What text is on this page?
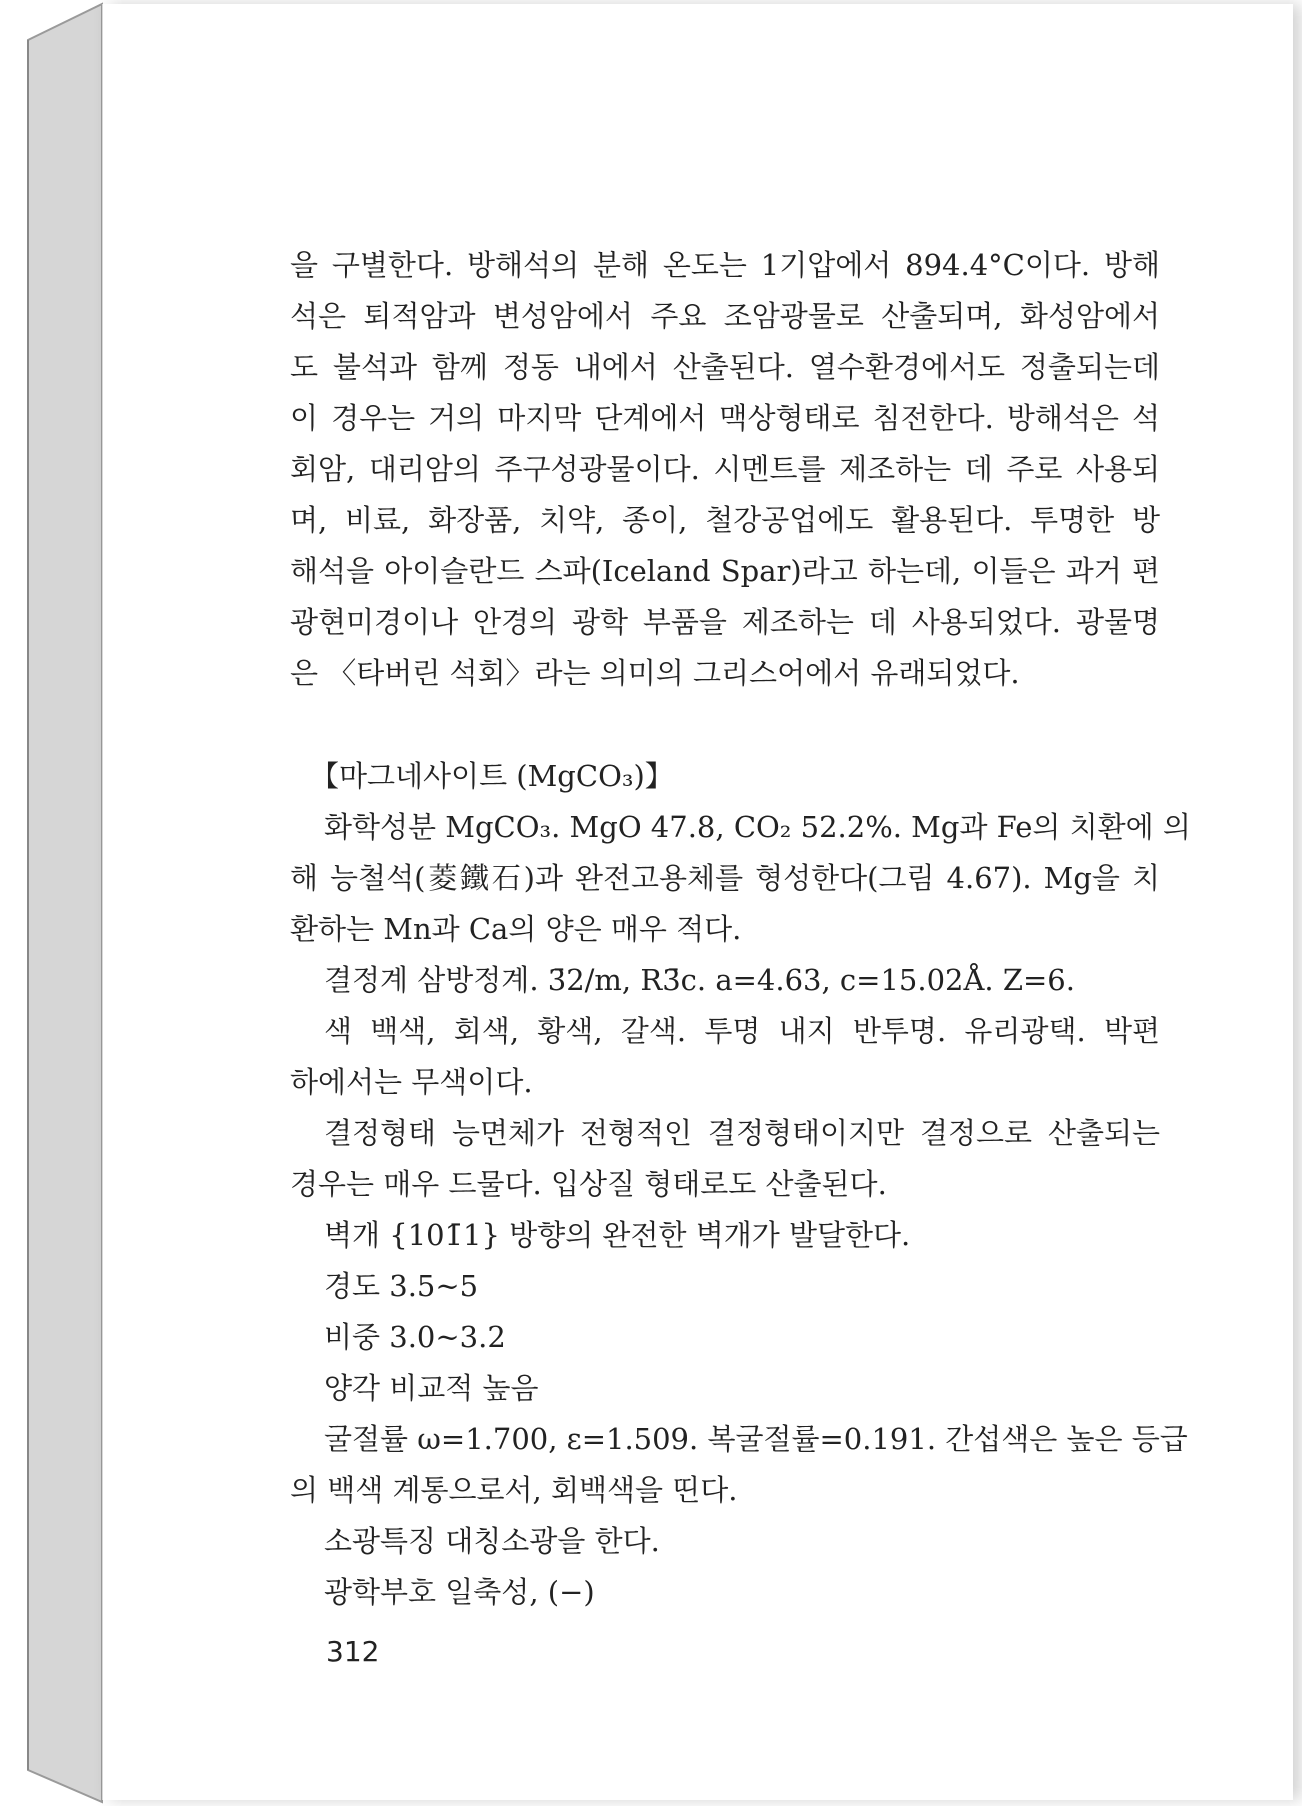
을 구별한다. 방해석의 분해 온도는 1기압에서 894.4°C이다. 방해
석은 퇴적암과 변성암에서 주요 조암광물로 산출되며, 화성암에서
도 불석과 함께 정동 내에서 산출된다. 열수환경에서도 정출되는데
이 경우는 거의 마지막 단계에서 맥상형태로 침전한다. 방해석은 석
회암, 대리암의 주구성광물이다. 시멘트를 제조하는 데 주로 사용되
며, 비료, 화장품, 치약, 종이, 철강공업에도 활용된다. 투명한 방
해석을 아이슬란드 스파(Iceland Spar)라고 하는데, 이들은 과거 편
광현미경이나 안경의 광학 부품을 제조하는 데 사용되었다. 광물명
은 〈타버린 석회〉라는 의미의 그리스어에서 유래되었다.
【마그네사이트 (MgCO₃)】
화학성분 MgCO₃. MgO 47.8, CO₂ 52.2%. Mg과 Fe의 치환에 의
해 능철석(菱鐵石)과 완전고용체를 형성한다(그림 4.67). Mg을 치
환하는 Mn과 Ca의 양은 매우 적다.
결정계 삼방정계. 3̄2/m, R3̄c. a=4.63, c=15.02Å. Z=6.
색 백색, 회색, 황색, 갈색. 투명 내지 반투명. 유리광택. 박편
하에서는 무색이다.
결정형태 능면체가 전형적인 결정형태이지만 결정으로 산출되는
경우는 매우 드물다. 입상질 형태로도 산출된다.
벽개 {101̄1} 방향의 완전한 벽개가 발달한다.
경도 3.5~5
비중 3.0~3.2
양각 비교적 높음
굴절률 ω=1.700, ε=1.509. 복굴절률=0.191. 간섭색은 높은 등급
의 백색 계통으로서, 회백색을 띤다.
소광특징 대칭소광을 한다.
광학부호 일축성, (−)
312
